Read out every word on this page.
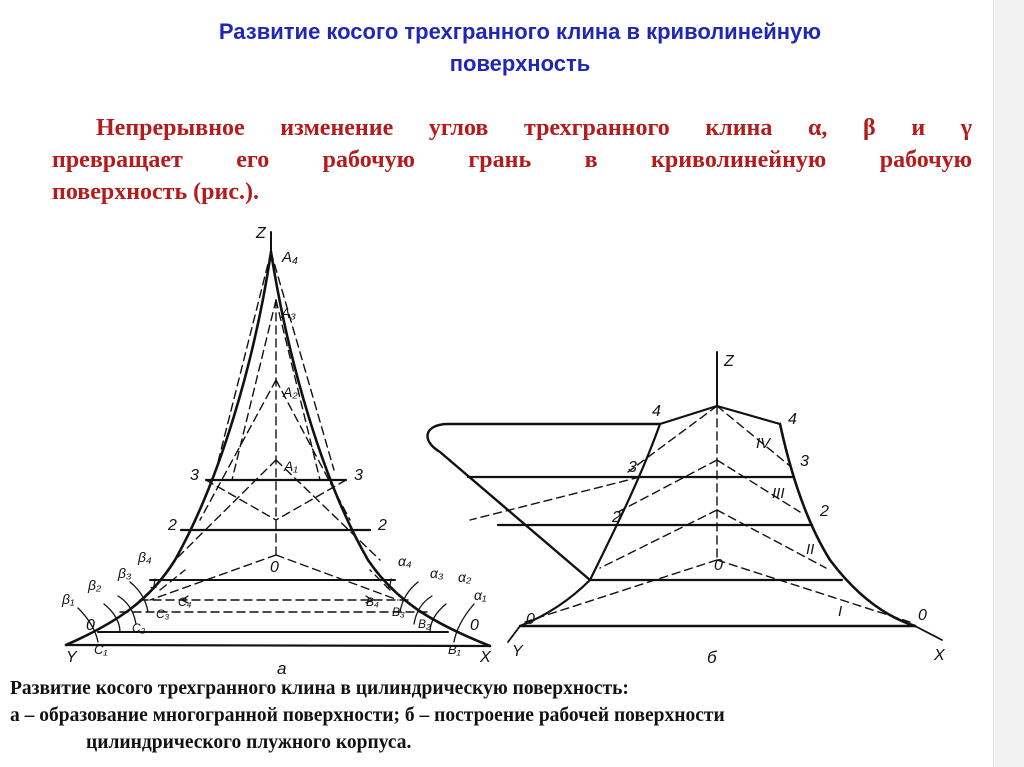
Развитие косого трехгранного клина в криволинейную
поверхность
Непрерывное изменение углов трехгранного клина α, β и γ
превращает его рабочую грань в криволинейную рабочую
поверхность (рис.).
Z
A₄
A₃
A₂
A₁
3	3
2	2
0
1	1
0	0
Y	X
C₁
C₂
C₃
C₄
B₁
B₂
B₃
B₄
β₁
β₂
β₃
β₄
α₁
α₂
α₃
α₄
а
Z
4	4
3	3
2	2
0
0	0
IV
III
II
I
Y	X
б
Развитие косого трехгранного клина в цилиндрическую поверхность:
а – образование многогранной поверхности; б – построение рабочей поверхности
цилиндрического плужного корпуса.
